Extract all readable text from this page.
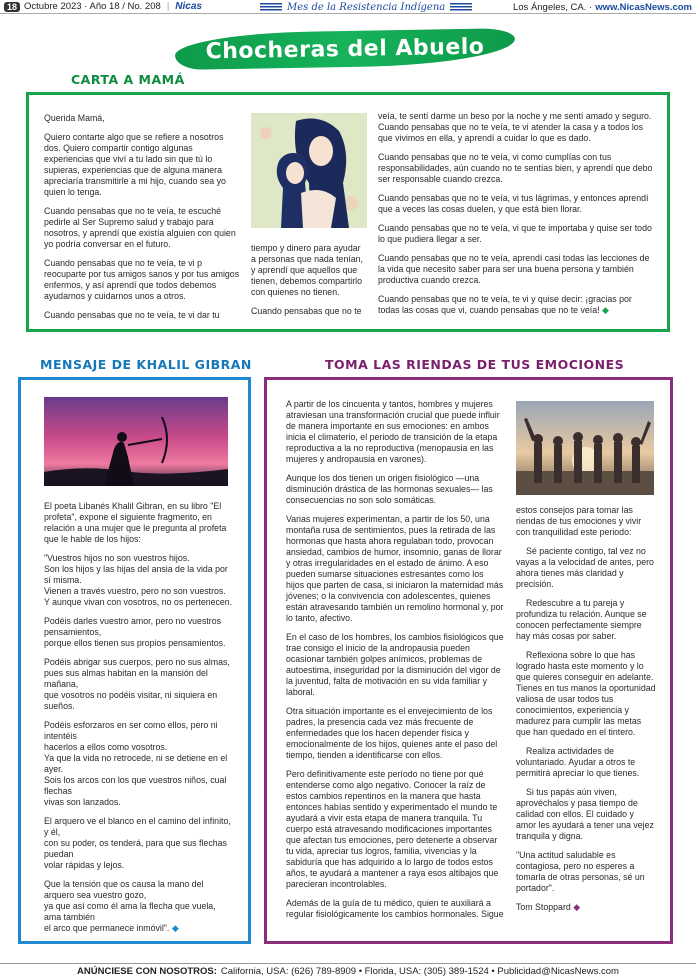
18 Octubre 2023 · Año 18 / No. 208 | Nicas	Mes de la Resistencia Indígena	Los Ángeles, CA. · www.NicasNews.com
Chocheras del Abuelo
CARTA A MAMÁ

Querida Mamá,

Quiero contarte algo que se refiere a nosotros dos. Quiero compartir contigo algunas experiencias que viví a tu lado sin que tú lo supieras, experiencias que de alguna manera apreciaría transmitirle a mi hijo, cuando sea yo quien lo tenga.

Cuando pensabas que no te veía, te escuché pedirle al Ser Supremo salud y trabajo para nosotros, y aprendí que existía alguien con quien yo podría conversar en el futuro.

Cuando pensabas que no te veía, te vi p reocuparte por tus amigos sanos y por tus amigos enfermos, y así aprendí que todos debemos ayudarnos y cuidarnos unos a otros.

Cuando pensabas que no te veía, te vi dar tu

tiempo y dinero para ayudar a personas que nada tenían, y aprendí que aquellos que tienen, debemos compartirlo con quienes no tienen.

Cuando pensabas que no te

veía, te sentí darme un beso por la noche y me sentí amado y seguro. Cuando pensabas que no te veía, te vi atender la casa y a todos los que vivimos en ella, y aprendí a cuidar lo que es dado.

Cuando pensabas que no te veía, vi como cumplías con tus responsabilidades, aún cuando no te sentías bien, y aprendí que debo ser responsable cuando crezca.

Cuando pensabas que no te veía, vi tus lágrimas, y entonces aprendí que a veces las cosas duelen, y que está bien llorar.

Cuando pensabas que no te veía, vi que te importaba y quise ser todo lo que pudiera llegar a ser.

Cuando pensabas que no te veía, aprendí casi todas las lecciones de la vida que necesito saber para ser una buena persona y también productiva cuando crezca.

Cuando pensabas que no te veía, te vi y quise decir: ¡gracias por todas las cosas que vi, cuando pensabas que no te veía! ◆

MENSAJE DE KHALIL GIBRAN

El poeta Libanés Khalil Gibran, en su libro "El profeta", expone el siguiente fragmento, en relación a una mujer que le pregunta al profeta que le hable de los hijos:

"Vuestros hijos no son vuestros hijos.
Son los hijos y las hijas del ansia de la vida por sí misma.
Vienen a través vuestro, pero no son vuestros.
Y aunque vivan con vosotros, no os pertenecen.

Podéis darles vuestro amor, pero no vuestros pensamientos,
porque ellos tienen sus propios pensamientos.

Podéis abrigar sus cuerpos, pero no sus almas,
pues sus almas habitan en la mansión del mañana,
que vosotros no podéis visitar, ni siquiera en sueños.

Podéis esforzaros en ser como ellos, pero ni intentéis
hacerlos a ellos como vosotros.
Ya que la vida no retrocede, ni se detiene en el ayer.
Sois los arcos con los que vuestros niños, cual flechas
vivas son lanzados.

El arquero ve el blanco en el camino del infinito, y él,
con su poder, os tenderá, para que sus flechas puedan
volar rápidas y lejos.

Que la tensión que os causa la mano del arquero sea vuestro gozo,
ya que así como él ama la flecha que vuela, ama también
el arco que permanece inmóvil". ◆

TOMA LAS RIENDAS DE TUS EMOCIONES

A partir de los cincuenta y tantos, hombres y mujeres atraviesan una transformación crucial que puede influir de manera importante en sus emociones: en ambos inicia el climaterio, el periodo de transición de la etapa reproductiva a la no reproductiva (menopausia en las mujeres y andropausia en varones).

Aunque los dos tienen un origen fisiológico —una disminución drástica de las hormonas sexuales— las consecuencias no son solo somáticas.

Varias mujeres experimentan, a partir de los 50, una montaña rusa de sentimientos, pues la retirada de las hormonas que hasta ahora regulaban todo, provocan ansiedad, cambios de humor, insomnio, ganas de llorar y otras irregularidades en el estado de ánimo. A eso pueden sumarse situaciones estresantes como los hijos que parten de casa, si iniciaron la maternidad más jóvenes; o la convivencia con adolescentes, quienes están atravesando también un remolino hormonal y, por lo tanto, afectivo.

En el caso de los hombres, los cambios fisiológicos que trae consigo el inicio de la andropausia pueden ocasionar también golpes anímicos, problemas de autoestima, inseguridad por la disminución del vigor de la juventud, falta de motivación en su vida familiar y laboral.

Otra situación importante es el envejecimiento de los padres, la presencia cada vez más frecuente de enfermedades que los hacen depender física y emocionalmente de los hijos, quienes ante el paso del tiempo, tienden a identificarse con ellos.

Pero definitivamente este período no tiene por qué entenderse como algo negativo. Conocer la raíz de estos cambios repentinos en la manera que hasta entonces habías sentido y experimentado el mundo te ayudará a vivir esta etapa de manera tranquila. Tu cuerpo está atravesando modificaciones importantes que afectan tus emociones, pero detenerte a observar tu vida, apreciar tus logros, familia, vivencias y la sabiduría que has adquirido a lo largo de todos estos años, te ayudará a mantener a raya esos altibajos que parecieran incontrolables.

Además de la guía de tu médico, quien te auxiliará a regular fisiológicamente los cambios hormonales. Sigue

estos consejos para tomar las riendas de tus emociones y vivir con tranquilidad este periodo:

Sé paciente contigo, tal vez no vayas a la velocidad de antes, pero ahora tienes más claridad y precisión.

Redescubre a tu pareja y profundiza tu relación. Aunque se conocen perfectamente siempre hay más cosas por saber.

Reflexiona sobre lo que has logrado hasta este momento y lo que quieres conseguir en adelante. Tienes en tus manos la oportunidad valiosa de usar todos tus conocimientos, experiencia y madurez para cumplir las metas que han quedado en el tintero.

Realiza actividades de voluntariado. Ayudar a otros te permitirá apreciar lo que tienes.

Si tus papás aún viven, aprovéchalos y pasa tiempo de calidad con ellos. El cuidado y amor les ayudará a tener una vejez tranquila y digna.

"Una actitud saludable es contagiosa, pero no esperes a tomarla de otras personas, sé un portador".

Tom Stoppard ◆

ANÚNCIESE CON NOSOTROS: California, USA: (626) 789-8909 • Florida, USA: (305) 389-1524 • Publicidad@NicasNews.com
